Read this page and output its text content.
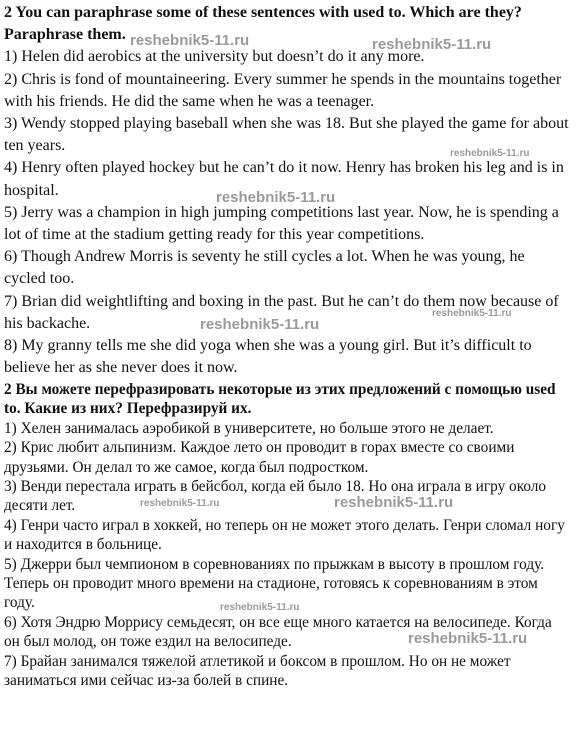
2 You can paraphrase some of these sentences with used to. Which are they? Paraphrase them.

1) Helen did aerobics at the university but doesn’t do it any more.

2) Chris is fond of mountaineering. Every summer he spends in the mountains together with his friends. He did the same when he was a teenager.

3) Wendy stopped playing baseball when she was 18. But she played the game for about ten years.

4) Henry often played hockey but he can’t do it now. Henry has broken his leg and is in hospital.

5) Jerry was a champion in high jumping competitions last year. Now, he is spending a lot of time at the stadium getting ready for this year competitions.

6) Though Andrew Morris is seventy he still cycles a lot. When he was young, he cycled too.

7) Brian did weightlifting and boxing in the past. But he can’t do them now because of his backache.

8) My granny tells me she did yoga when she was a young girl. But it’s difficult to believe her as she never does it now.

2 Вы можете перефразировать некоторые из этих предложений с помощью used to. Какие из них? Перефразируй их.

1) Хелен занималась аэробикой в университете, но больше этого не делает.

2) Крис любит альпинизм. Каждое лето он проводит в горах вместе со своими друзьями. Он делал то же самое, когда был подростком.

3) Венди перестала играть в бейсбол, когда ей было 18. Но она играла в игру около десяти лет.

4) Генри часто играл в хоккей, но теперь он не может этого делать. Генри сломал ногу и находится в больнице.

5) Джерри был чемпионом в соревнованиях по прыжкам в высоту в прошлом году. Теперь он проводит много времени на стадионе, готовясь к соревнованиям в этом году.

6) Хотя Эндрю Моррису семьдесят, он все еще много катается на велосипеде. Когда он был молод, он тоже ездил на велосипеде.

7) Брайан занимался тяжелой атлетикой и боксом в прошлом. Но он не может заниматься ими сейчас из-за болей в спине.

reshebnik5-11.ru	reshebnik5-11.ru
reshebnik5-11.ru
reshebnik5-11.ru
reshebnik5-11.ru
reshebnik5-11.ru
reshebnik5-11.ru	reshebnik5-11.ru
reshebnik5-11.ru
reshebnik5-11.ru
